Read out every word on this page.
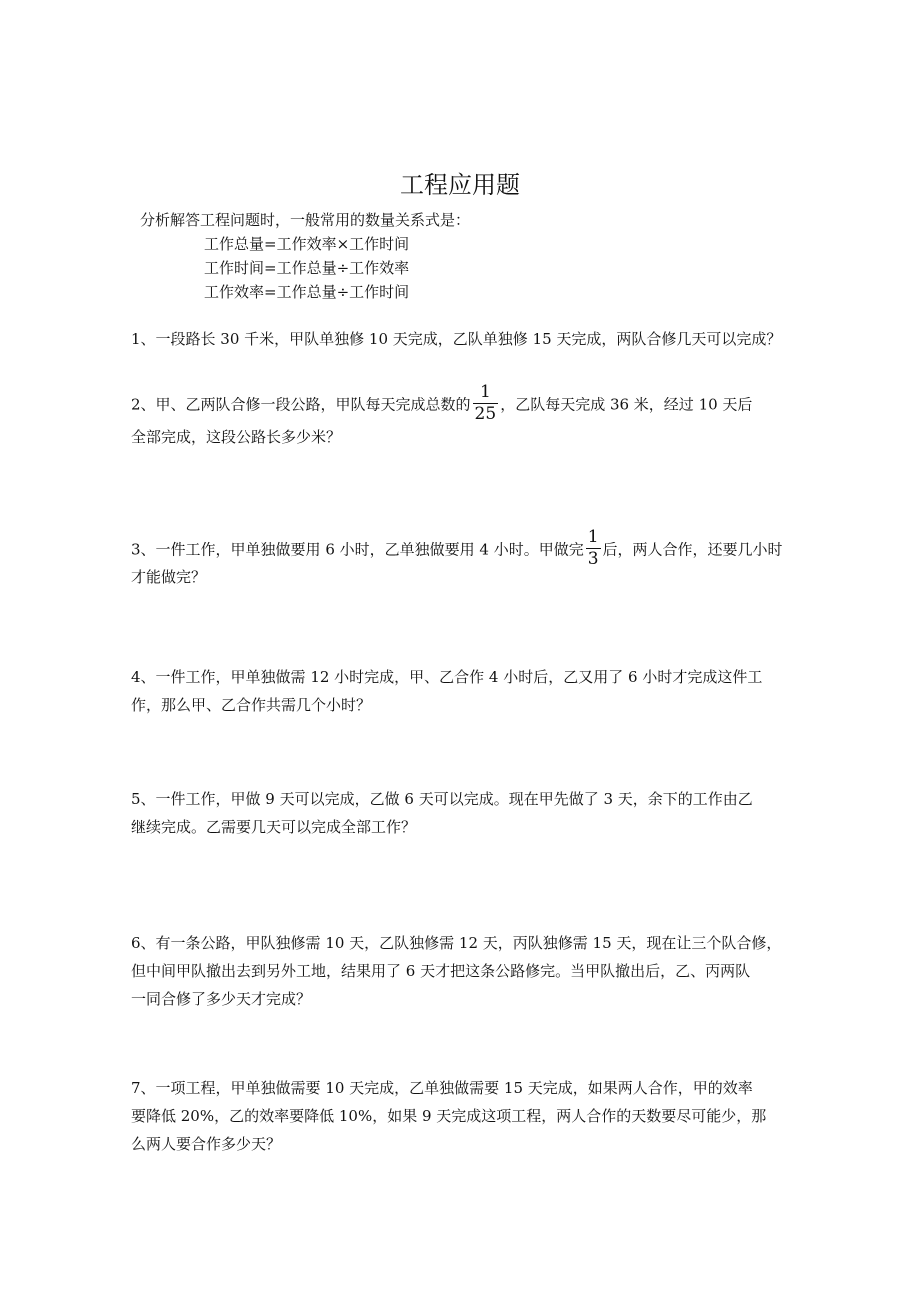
工程应用题
分析解答工程问题时，一般常用的数量关系式是：
工作总量=工作效率×工作时间
工作时间=工作总量÷工作效率
工作效率=工作总量÷工作时间
1、一段路长 30 千米，甲队单独修 10 天完成，乙队单独修 15 天完成，两队合修几天可以完成？
2、甲、乙两队合修一段公路，甲队每天完成总数的 $\frac{1}{25}$ ，乙队每天完成 36 米，经过 10 天后
全部完成，这段公路长多少米？
3、一件工作，甲单独做要用 6 小时，乙单独做要用 4 小时。甲做完 $\frac{1}{3}$ 后，两人合作，还要几小时
才能做完？
4、一件工作，甲单独做需 12 小时完成，甲、乙合作 4 小时后，乙又用了 6 小时才完成这件工
作，那么甲、乙合作共需几个小时？
5、一件工作，甲做 9 天可以完成，乙做 6 天可以完成。现在甲先做了 3 天，余下的工作由乙
继续完成。乙需要几天可以完成全部工作？
6、有一条公路，甲队独修需 10 天，乙队独修需 12 天，丙队独修需 15 天，现在让三个队合修，
但中间甲队撤出去到另外工地，结果用了 6 天才把这条公路修完。当甲队撤出后，乙、丙两队
一同合修了多少天才完成？
7、一项工程，甲单独做需要 10 天完成，乙单独做需要 15 天完成，如果两人合作，甲的效率
要降低 20%，乙的效率要降低 10%，如果 9 天完成这项工程，两人合作的天数要尽可能少，那
么两人要合作多少天？
